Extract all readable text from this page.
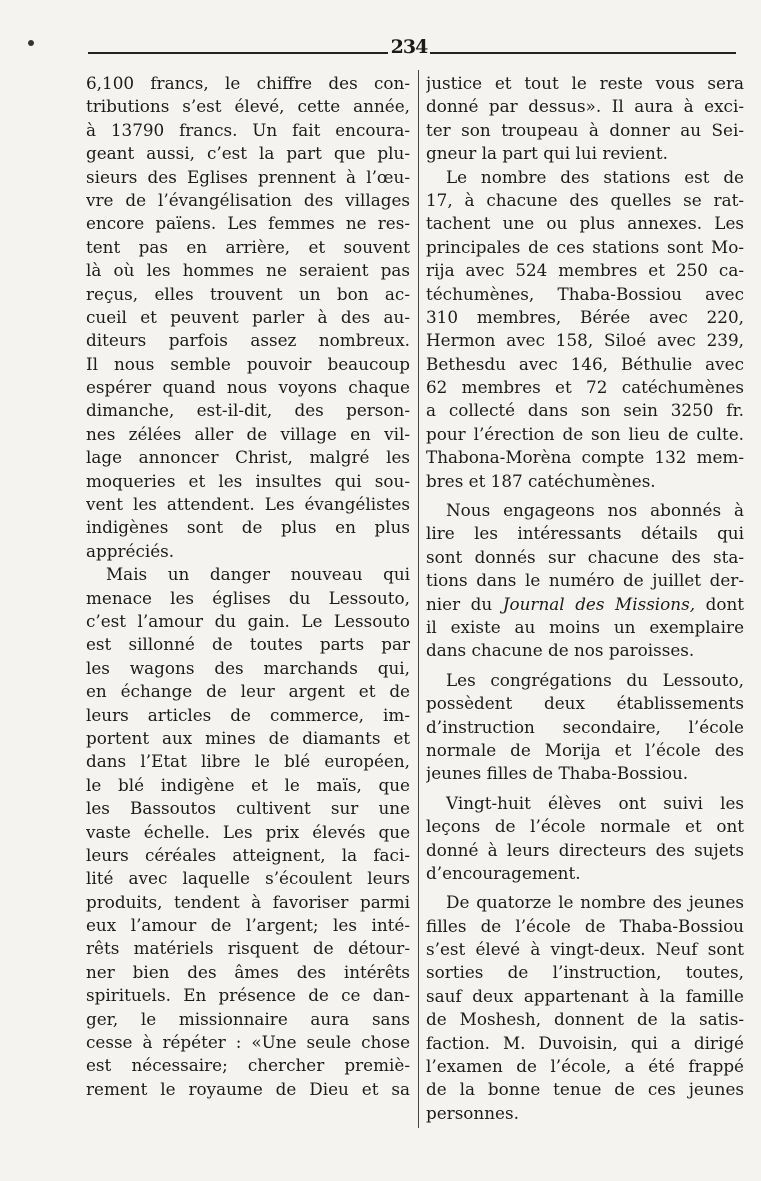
234
6,100 francs, le chiffre des con-
tributions s’est élevé, cette année,
à 13790 francs. Un fait encoura-
geant aussi, c’est la part que plu-
sieurs des Eglises prennent à l’œu-
vre de l’évangélisation des villages
encore païens. Les femmes ne res-
tent pas en arrière, et souvent
là où les hommes ne seraient pas
reçus, elles trouvent un bon ac-
cueil et peuvent parler à des au-
diteurs parfois assez nombreux.
Il nous semble pouvoir beaucoup
espérer quand nous voyons chaque
dimanche, est-il-dit, des person-
nes zélées aller de village en vil-
lage annoncer Christ, malgré les
moqueries et les insultes qui sou-
vent les attendent. Les évangélistes
indigènes sont de plus en plus
appréciés.
Mais un danger nouveau qui
menace les églises du Lessouto,
c’est l’amour du gain. Le Lessouto
est sillonné de toutes parts par
les wagons des marchands qui,
en échange de leur argent et de
leurs articles de commerce, im-
portent aux mines de diamants et
dans l’Etat libre le blé européen,
le blé indigène et le maïs, que
les Bassoutos cultivent sur une
vaste échelle. Les prix élevés que
leurs céréales atteignent, la faci-
lité avec laquelle s’écoulent leurs
produits, tendent à favoriser parmi
eux l’amour de l’argent; les inté-
rêts matériels risquent de détour-
ner bien des âmes des intérêts
spirituels. En présence de ce dan-
ger, le missionnaire aura sans
cesse à répéter : «Une seule chose
est nécessaire; chercher premiè-
rement le royaume de Dieu et sa
justice et tout le reste vous sera
donné par dessus». Il aura à exci-
ter son troupeau à donner au Sei-
gneur la part qui lui revient.
Le nombre des stations est de
17, à chacune des quelles se rat-
tachent une ou plus annexes. Les
principales de ces stations sont Mo-
rija avec 524 membres et 250 ca-
téchumènes, Thaba-Bossiou avec
310 membres, Bérée avec 220,
Hermon avec 158, Siloé avec 239,
Bethesdu avec 146, Béthulie avec
62 membres et 72 catéchumènes
a collecté dans son sein 3250 fr.
pour l’érection de son lieu de culte.
Thabona-Morèna compte 132 mem-
bres et 187 catéchumènes.
Nous engageons nos abonnés à
lire les intéressants détails qui
sont donnés sur chacune des sta-
tions dans le numéro de juillet der-
nier du Journal des Missions, dont
il existe au moins un exemplaire
dans chacune de nos paroisses.
Les congrégations du Lessouto,
possèdent deux établissements
d’instruction secondaire, l’école
normale de Morija et l’école des
jeunes filles de Thaba-Bossiou.
Vingt-huit élèves ont suivi les
leçons de l’école normale et ont
donné à leurs directeurs des sujets
d’encouragement.
De quatorze le nombre des jeunes
filles de l’école de Thaba-Bossiou
s’est élevé à vingt-deux. Neuf sont
sorties de l’instruction, toutes,
sauf deux appartenant à la famille
de Moshesh, donnent de la satis-
faction. M. Duvoisin, qui a dirigé
l’examen de l’école, a été frappé
de la bonne tenue de ces jeunes
personnes.
